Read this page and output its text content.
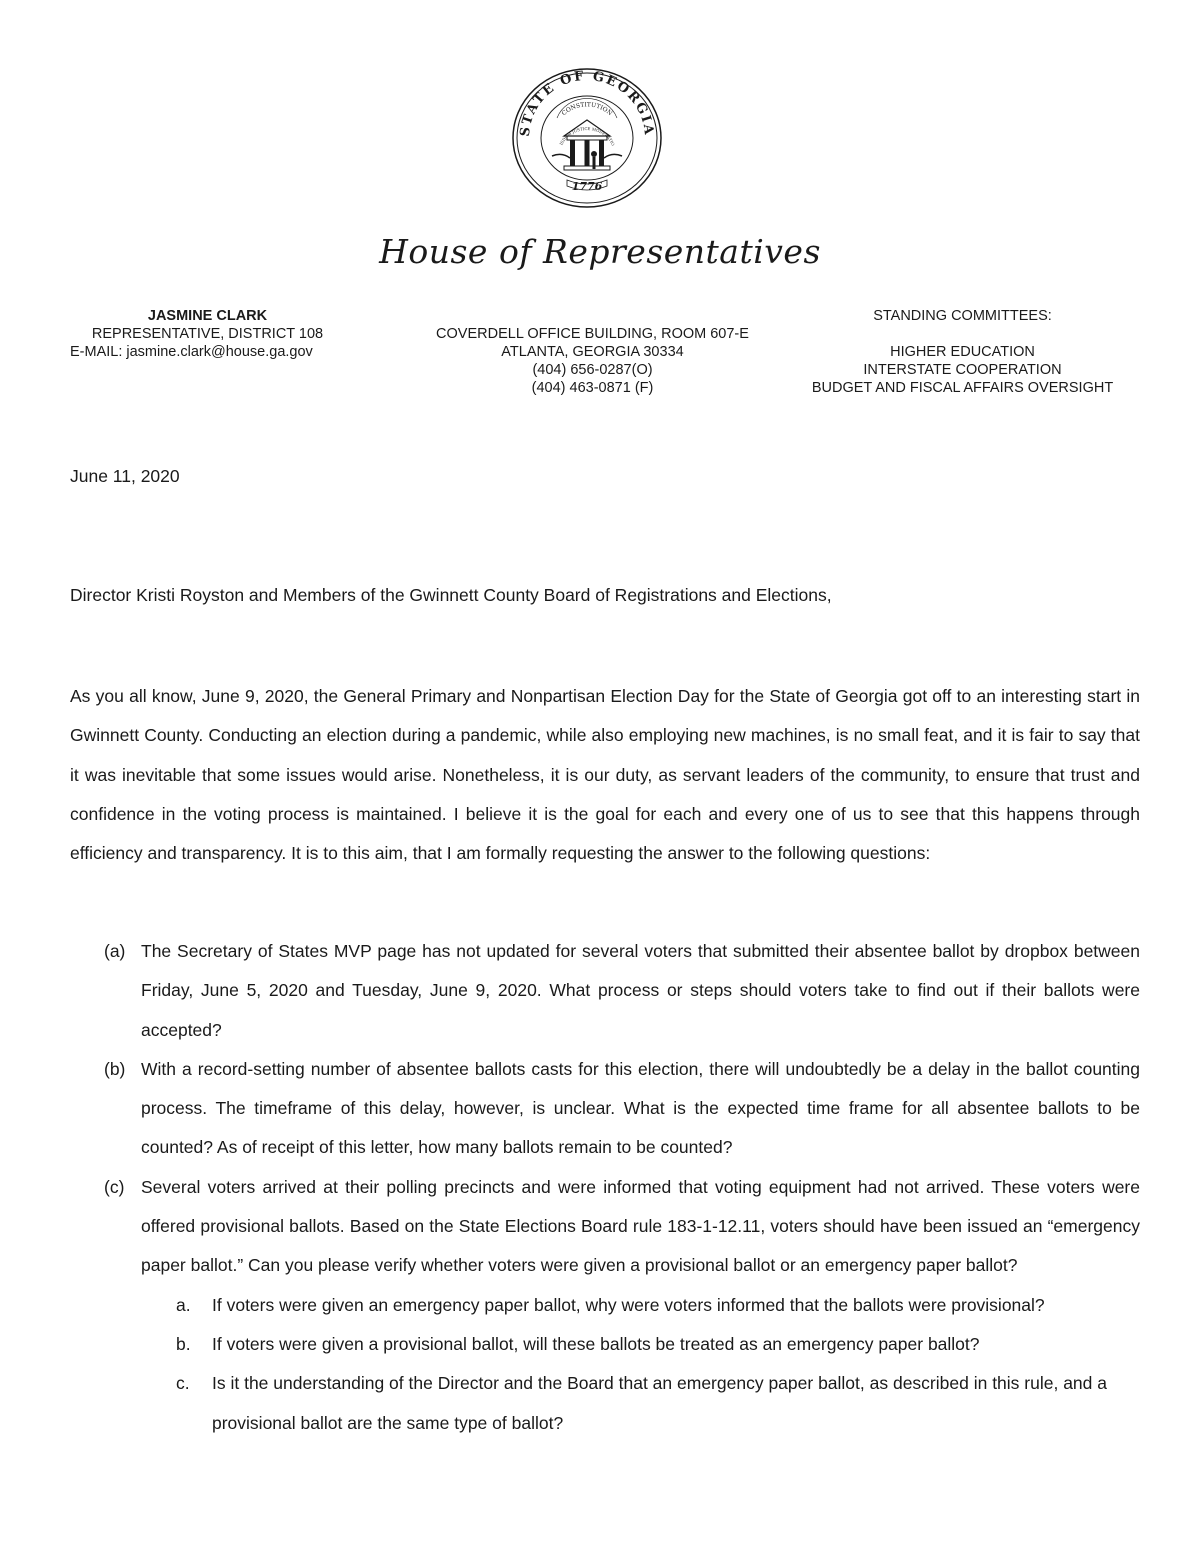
STATE OF GEORGIA
CONSTITUTION
ISDOM JUSTICE MODERATIO
1776
House of Representatives
JASMINE CLARK
REPRESENTATIVE, DISTRICT 108
E-MAIL: jasmine.clark@house.ga.gov
COVERDELL OFFICE BUILDING, ROOM 607-E
ATLANTA, GEORGIA 30334
(404) 656-0287(O)
(404) 463-0871 (F)
STANDING COMMITTEES:
HIGHER EDUCATION
INTERSTATE COOPERATION
BUDGET AND FISCAL AFFAIRS OVERSIGHT
June 11, 2020
Director Kristi Royston and Members of the Gwinnett County Board of Registrations and Elections,

As you all know, June 9, 2020, the General Primary and Nonpartisan Election Day for the State of Georgia got off to an interesting start in Gwinnett County. Conducting an election during a pandemic, while also employing new machines, is no small feat, and it is fair to say that it was inevitable that some issues would arise. Nonetheless, it is our duty, as servant leaders of the community, to ensure that trust and confidence in the voting process is maintained. I believe it is the goal for each and every one of us to see that this happens through efficiency and transparency. It is to this aim, that I am formally requesting the answer to the following questions:

(a) The Secretary of States MVP page has not updated for several voters that submitted their absentee ballot by dropbox between Friday, June 5, 2020 and Tuesday, June 9, 2020. What process or steps should voters take to find out if their ballots were accepted?
(b) With a record-setting number of absentee ballots casts for this election, there will undoubtedly be a delay in the ballot counting process. The timeframe of this delay, however, is unclear. What is the expected time frame for all absentee ballots to be counted? As of receipt of this letter, how many ballots remain to be counted?
(c) Several voters arrived at their polling precincts and were informed that voting equipment had not arrived. These voters were offered provisional ballots. Based on the State Elections Board rule 183-1-12.11, voters should have been issued an “emergency paper ballot.” Can you please verify whether voters were given a provisional ballot or an emergency paper ballot?
a. If voters were given an emergency paper ballot, why were voters informed that the ballots were provisional?
b. If voters were given a provisional ballot, will these ballots be treated as an emergency paper ballot?
c. Is it the understanding of the Director and the Board that an emergency paper ballot, as described in this rule, and a provisional ballot are the same type of ballot?
